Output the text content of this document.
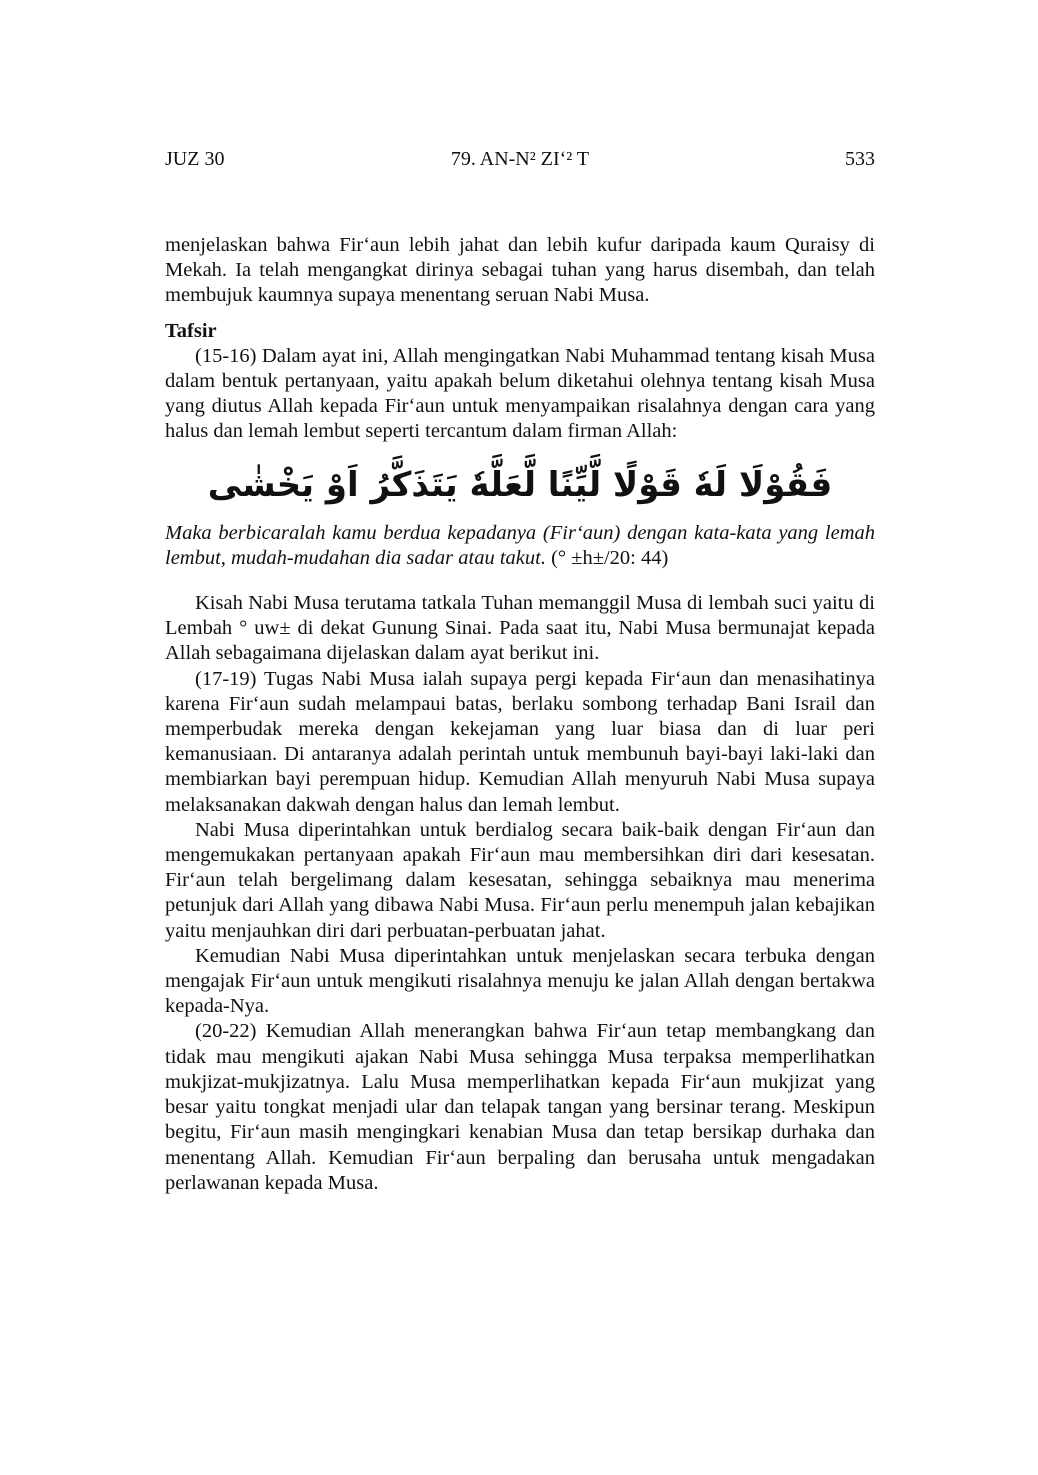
JUZ 30	79. AN-N² ZI‘² T	533

menjelaskan bahwa Fir‘aun lebih jahat dan lebih kufur daripada kaum Quraisy di Mekah. Ia telah mengangkat dirinya sebagai tuhan yang harus disembah, dan telah membujuk kaumnya supaya menentang seruan Nabi Musa.

Tafsir

(15-16) Dalam ayat ini, Allah mengingatkan Nabi Muhammad tentang kisah Musa dalam bentuk pertanyaan, yaitu apakah belum diketahui olehnya tentang kisah Musa yang diutus Allah kepada Fir‘aun untuk menyampaikan risalahnya dengan cara yang halus dan lemah lembut seperti tercantum dalam firman Allah:

فَقُوْلَا لَهٗ قَوْلًا لَّيِّنًا لَّعَلَّهٗ يَتَذَكَّرُ اَوْ يَخْشٰى

Maka berbicaralah kamu berdua kepadanya (Fir‘aun) dengan kata-kata yang lemah lembut, mudah-mudahan dia sadar atau takut. (° ±h±/20: 44)

Kisah Nabi Musa terutama tatkala Tuhan memanggil Musa di lembah suci yaitu di Lembah ° uw± di dekat Gunung Sinai. Pada saat itu, Nabi Musa bermunajat kepada Allah sebagaimana dijelaskan dalam ayat berikut ini.

(17-19) Tugas Nabi Musa ialah supaya pergi kepada Fir‘aun dan menasihatinya karena Fir‘aun sudah melampaui batas, berlaku sombong terhadap Bani Israil dan memperbudak mereka dengan kekejaman yang luar biasa dan di luar peri kemanusiaan. Di antaranya adalah perintah untuk membunuh bayi-bayi laki-laki dan membiarkan bayi perempuan hidup. Kemudian Allah menyuruh Nabi Musa supaya melaksanakan dakwah dengan halus dan lemah lembut.

Nabi Musa diperintahkan untuk berdialog secara baik-baik dengan Fir‘aun dan mengemukakan pertanyaan apakah Fir‘aun mau membersihkan diri dari kesesatan. Fir‘aun telah bergelimang dalam kesesatan, sehingga sebaiknya mau menerima petunjuk dari Allah yang dibawa Nabi Musa. Fir‘aun perlu menempuh jalan kebajikan yaitu menjauhkan diri dari perbuatan-perbuatan jahat.

Kemudian Nabi Musa diperintahkan untuk menjelaskan secara terbuka dengan mengajak Fir‘aun untuk mengikuti risalahnya menuju ke jalan Allah dengan bertakwa kepada-Nya.

(20-22) Kemudian Allah menerangkan bahwa Fir‘aun tetap membangkang dan tidak mau mengikuti ajakan Nabi Musa sehingga Musa terpaksa memperlihatkan mukjizat-mukjizatnya. Lalu Musa memperlihatkan kepada Fir‘aun mukjizat yang besar yaitu tongkat menjadi ular dan telapak tangan yang bersinar terang. Meskipun begitu, Fir‘aun masih mengingkari kenabian Musa dan tetap bersikap durhaka dan menentang Allah. Kemudian Fir‘aun berpaling dan berusaha untuk mengadakan perlawanan kepada Musa.
